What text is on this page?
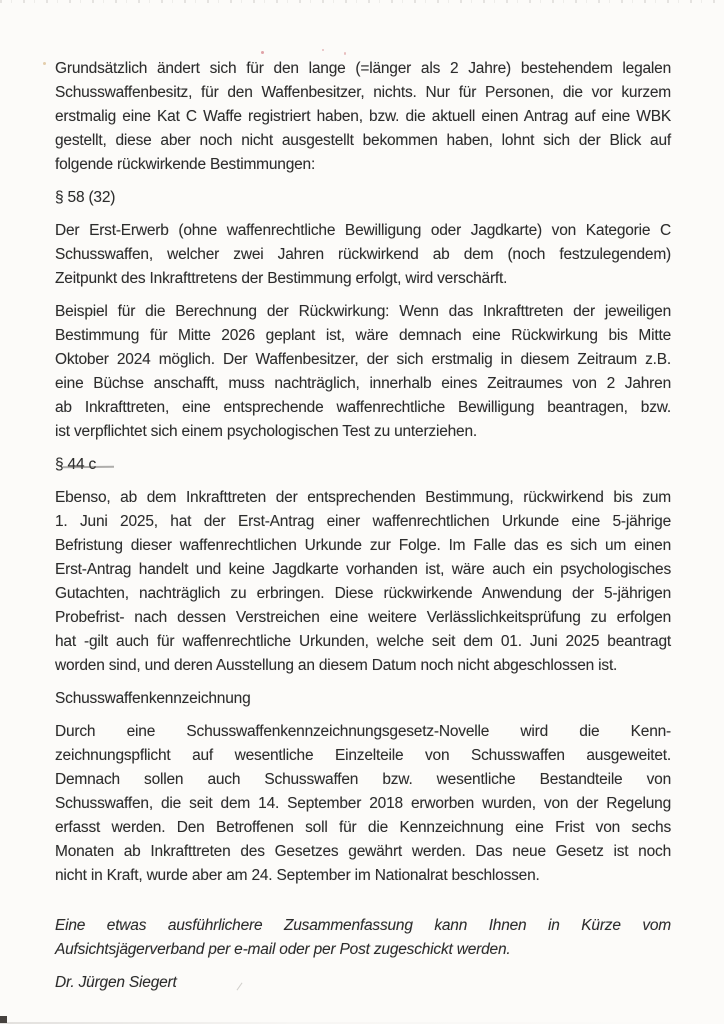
Grundsätzlich ändert sich für den lange (=länger als 2 Jahre) bestehendem legalen
Schusswaffenbesitz, für den Waffenbesitzer, nichts. Nur für Personen, die vor kurzem
erstmalig eine Kat C Waffe registriert haben, bzw. die aktuell einen Antrag auf eine WBK
gestellt, diese aber noch nicht ausgestellt bekommen haben, lohnt sich der Blick auf
folgende rückwirkende Bestimmungen:
§ 58 (32)
Der Erst-Erwerb (ohne waffenrechtliche Bewilligung oder Jagdkarte) von Kategorie C
Schusswaffen, welcher zwei Jahren rückwirkend ab dem (noch festzulegendem)
Zeitpunkt des Inkrafttretens der Bestimmung erfolgt, wird verschärft.
Beispiel für die Berechnung der Rückwirkung: Wenn das Inkrafttreten der jeweiligen
Bestimmung für Mitte 2026 geplant ist, wäre demnach eine Rückwirkung bis Mitte
Oktober 2024 möglich. Der Waffenbesitzer, der sich erstmalig in diesem Zeitraum z.B.
eine Büchse anschafft, muss nachträglich, innerhalb eines Zeitraumes von 2 Jahren
ab Inkrafttreten, eine entsprechende waffenrechtliche Bewilligung beantragen, bzw.
ist verpflichtet sich einem psychologischen Test zu unterziehen.
§ 44 c
Ebenso, ab dem Inkrafttreten der entsprechenden Bestimmung, rückwirkend bis zum
1. Juni 2025, hat der Erst-Antrag einer waffenrechtlichen Urkunde eine 5-jährige
Befristung dieser waffenrechtlichen Urkunde zur Folge. Im Falle das es sich um einen
Erst-Antrag handelt und keine Jagdkarte vorhanden ist, wäre auch ein psychologisches
Gutachten, nachträglich zu erbringen. Diese rückwirkende Anwendung der 5-jährigen
Probefrist- nach dessen Verstreichen eine weitere Verlässlichkeitsprüfung zu erfolgen
hat -gilt auch für waffenrechtliche Urkunden, welche seit dem 01. Juni 2025 beantragt
worden sind, und deren Ausstellung an diesem Datum noch nicht abgeschlossen ist.
Schusswaffenkennzeichnung
Durch eine Schusswaffenkennzeichnungsgesetz-Novelle wird die Kenn-
zeichnungspflicht auf wesentliche Einzelteile von Schusswaffen ausgeweitet.
Demnach sollen auch Schusswaffen bzw. wesentliche Bestandteile von
Schusswaffen, die seit dem 14. September 2018 erworben wurden, von der Regelung
erfasst werden. Den Betroffenen soll für die Kennzeichnung eine Frist von sechs
Monaten ab Inkrafttreten des Gesetzes gewährt werden. Das neue Gesetz ist noch
nicht in Kraft, wurde aber am 24. September im Nationalrat beschlossen.
Eine etwas ausführlichere Zusammenfassung kann Ihnen in Kürze vom
Aufsichtsjägerverband per e-mail oder per Post zugeschickt werden.
Dr. Jürgen Siegert
